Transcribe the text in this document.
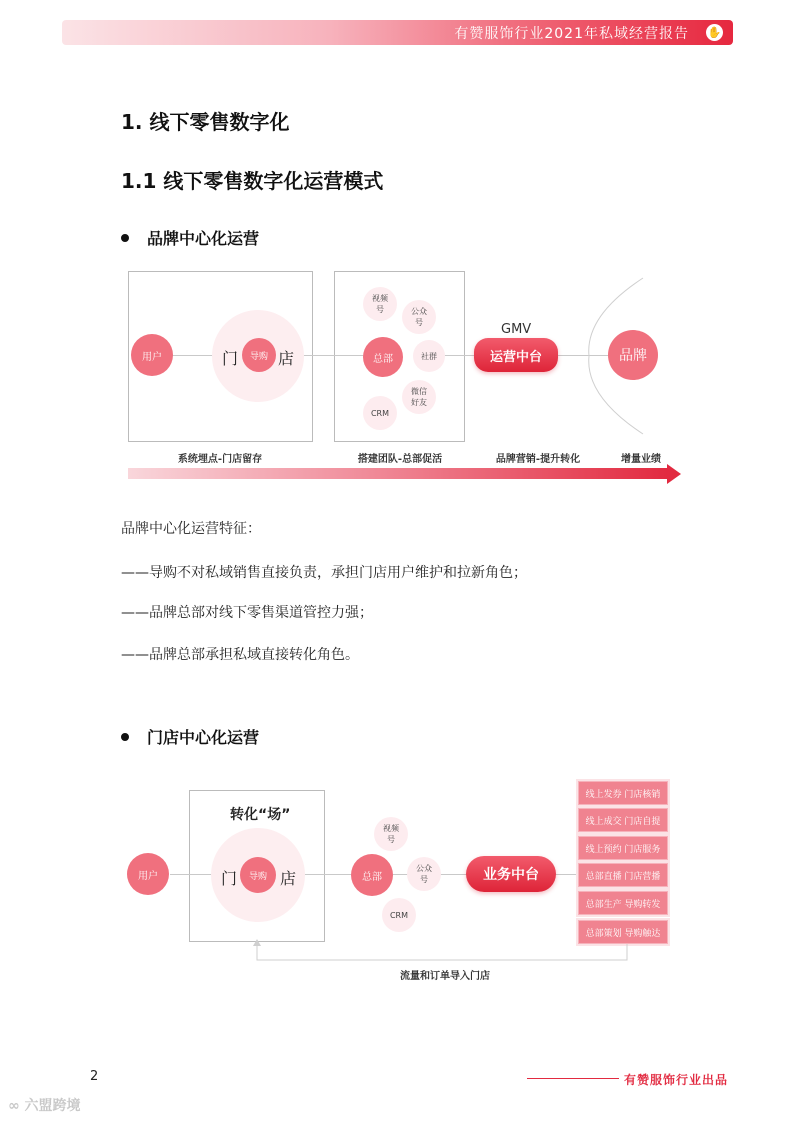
有赞服饰行业2021年私域经营报告 ✋
1. 线下零售数字化
1.1 线下零售数字化运营模式
品牌中心化运营
用户	门	导购 店	总部
视频号	公众号
社群
微信好友
CRM
GMV
运营中台	品牌
系统埋点-门店留存	搭建团队-总部促活	品牌营销-提升转化	增量业绩
品牌中心化运营特征：
——导购不对私域销售直接负责，承担门店用户维护和拉新角色；
——品牌总部对线下零售渠道管控力强；
——品牌总部承担私域直接转化角色。
门店中心化运营
转化“场”
用户	门	导购 店	总部
视频号
公众号
CRM
业务中台
线上发券 门店核销
线上成交 门店自提
线上预约 门店服务
总部直播 门店营播
总部生产 导购转发
总部策划 导购触达
流量和订单导入门店
2	有赞服饰行业出品
∞ 六盟跨境
